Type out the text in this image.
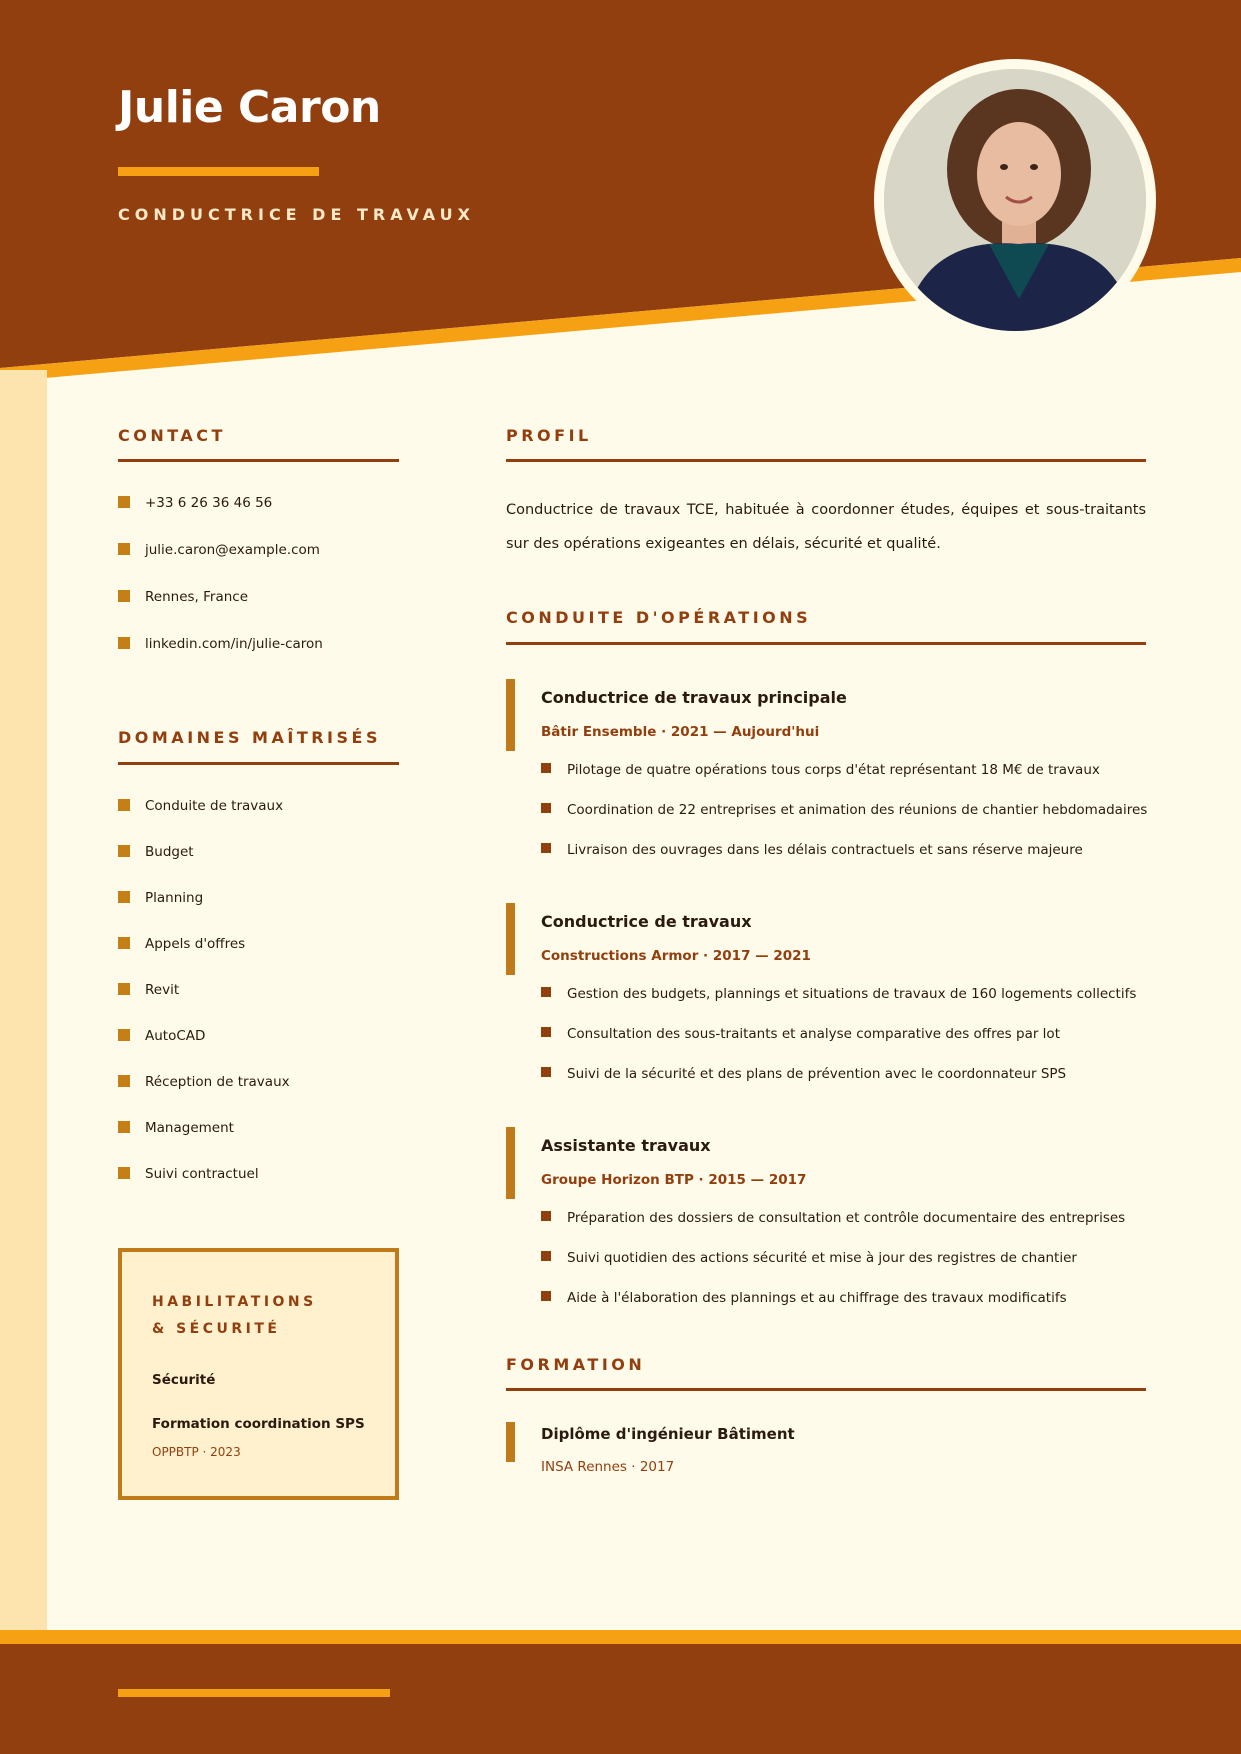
Julie Caron
CONDUCTRICE DE TRAVAUX
CONTACT
+33 6 26 36 46 56
julie.caron@example.com
Rennes, France
linkedin.com/in/julie-caron
DOMAINES MAÎTRISÉS
Conduite de travaux
Budget
Planning
Appels d'offres
Revit
AutoCAD
Réception de travaux
Management
Suivi contractuel
HABILITATIONS
& SÉCURITÉ
Sécurité
Formation coordination SPS
OPPBTP · 2023
PROFIL
Conductrice de travaux TCE, habituée à coordonner études, équipes et sous-traitants sur des opérations exigeantes en délais, sécurité et qualité.
CONDUITE D'OPÉRATIONS
Conductrice de travaux principale
Bâtir Ensemble · 2021 — Aujourd'hui
Pilotage de quatre opérations tous corps d'état représentant 18 M€ de travaux
Coordination de 22 entreprises et animation des réunions de chantier hebdomadaires
Livraison des ouvrages dans les délais contractuels et sans réserve majeure
Conductrice de travaux
Constructions Armor · 2017 — 2021
Gestion des budgets, plannings et situations de travaux de 160 logements collectifs
Consultation des sous-traitants et analyse comparative des offres par lot
Suivi de la sécurité et des plans de prévention avec le coordonnateur SPS
Assistante travaux
Groupe Horizon BTP · 2015 — 2017
Préparation des dossiers de consultation et contrôle documentaire des entreprises
Suivi quotidien des actions sécurité et mise à jour des registres de chantier
Aide à l'élaboration des plannings et au chiffrage des travaux modificatifs
FORMATION
Diplôme d'ingénieur Bâtiment
INSA Rennes · 2017
